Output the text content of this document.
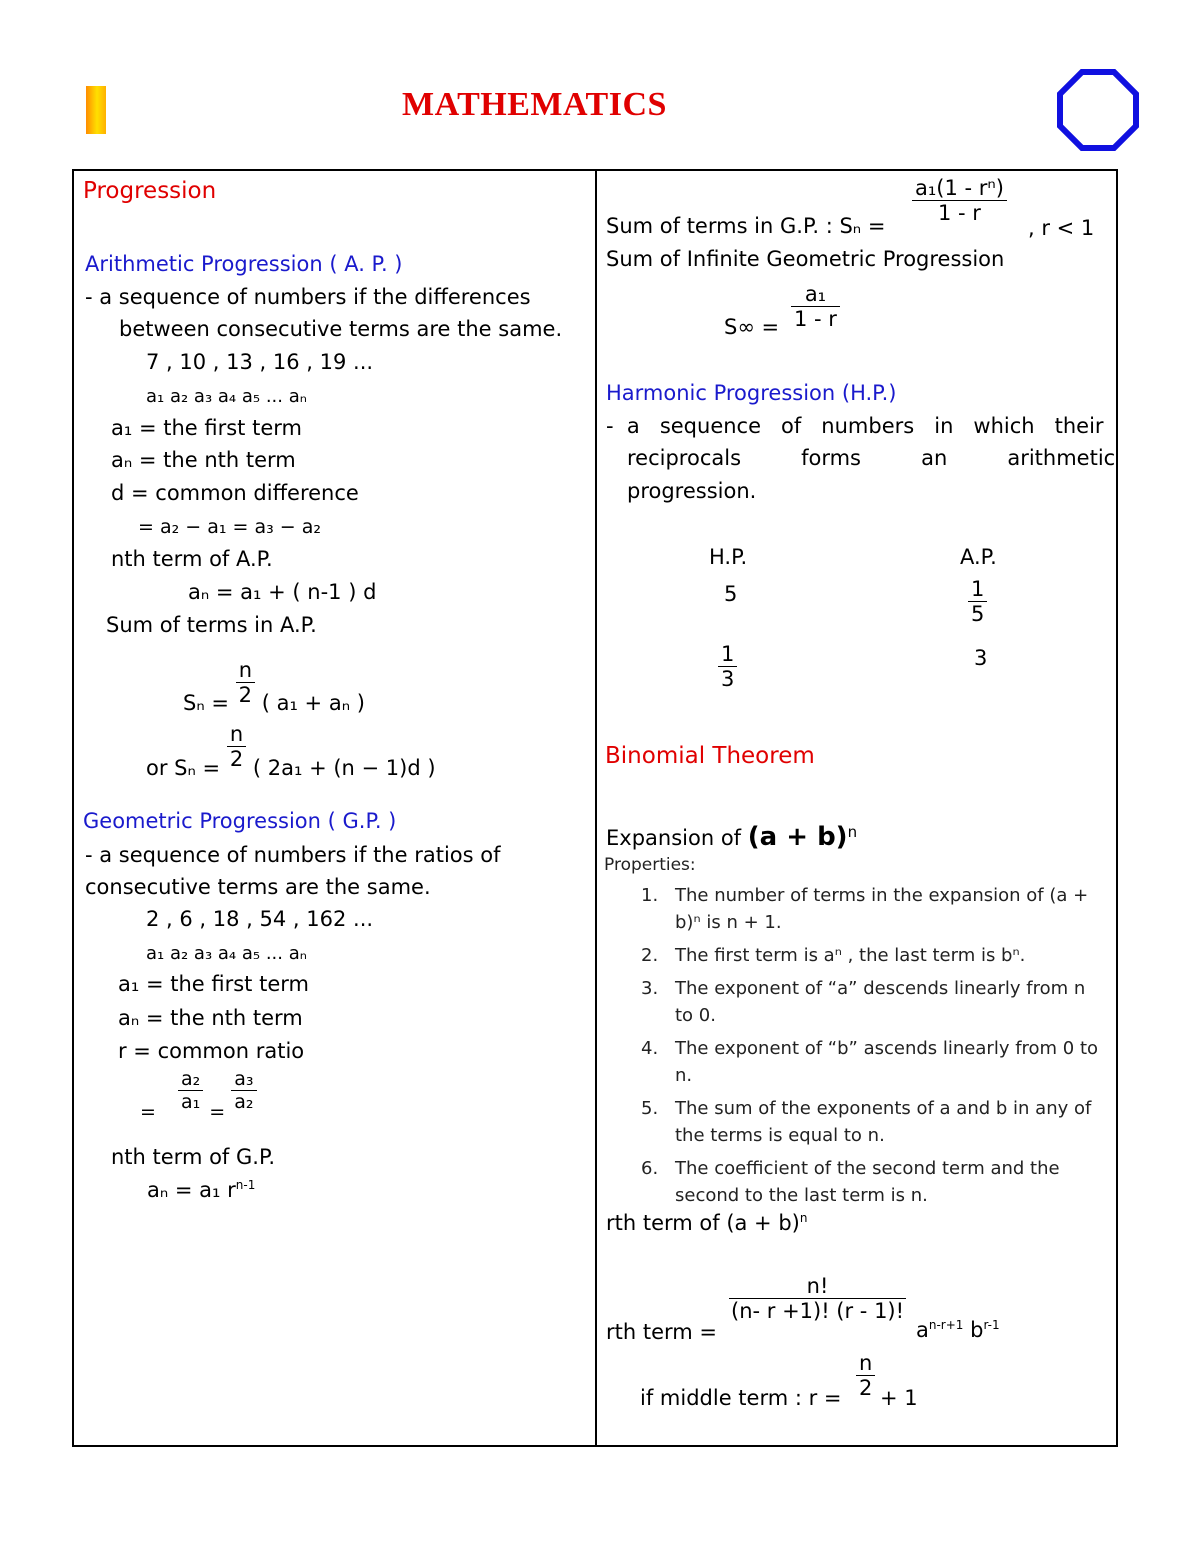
MATHEMATICS
Progression
Arithmetic Progression ( A. P. )
- a sequence of numbers if the differences
between consecutive terms are the same.
7 , 10 , 13 , 16 , 19 ...
a₁ a₂ a₃ a₄ a₅ ... aₙ
a₁ = the first term
aₙ = the nth term
d = common difference
= a₂ − a₁ = a₃ − a₂
nth term of A.P.
aₙ = a₁ + ( n-1 ) d
Sum of terms in A.P.
$S_n = \frac{n}{2}$ ( a₁ + aₙ )
or $S_n = \frac{n}{2}$ ( 2a₁ + (n − 1)d )
Geometric Progression ( G.P. )
- a sequence of numbers if the ratios of
consecutive terms are the same.
2 , 6 , 18 , 54 , 162 ...
a₁ a₂ a₃ a₄ a₅ ... aₙ
a₁ = the first term
aₙ = the nth term
r = common ratio
= $\frac{\text{a₂}}{\text{a₁}} = \frac{\text{a₃}}{\text{a₂}}$
nth term of G.P.
aₙ = a₁ $r^{n-1}$
Sum of terms in G.P. : Sₙ =
$\frac{\text{a₁(1 - rⁿ)}}{1 - r}$
, r < 1
Sum of Infinite Geometric Progression
$S\infty = \frac{\text{a₁}}{1 - r}$
Harmonic Progression (H.P.)
-  a   sequence   of   numbers   in   which   their
reciprocals         forms         an         arithmetic
progression.
H.P.	A.P.
5	$\frac{1}{5}$
$\frac{1}{3}$	3
Binomial Theorem
Expansion of $(a + b)^n$
Properties:
1. The number of terms in the expansion of (a + b)ⁿ is n + 1.
2. The first term is aⁿ , the last term is bⁿ.
3. The exponent of “a” descends linearly from n to 0.
4. The exponent of “b” ascends linearly from 0 to n.
5. The sum of the exponents of a and b in any of the terms is equal to n.
6. The coefficient of the second term and the second to the last term is n.
rth term of $(a + b)^n$
rth term =
$\frac{n!}{(n- r +1)! (r - 1)!}$
$a^{n-r+1}$ $b^{r-1}$
if middle term : $r = \frac{n}{2} + 1$
